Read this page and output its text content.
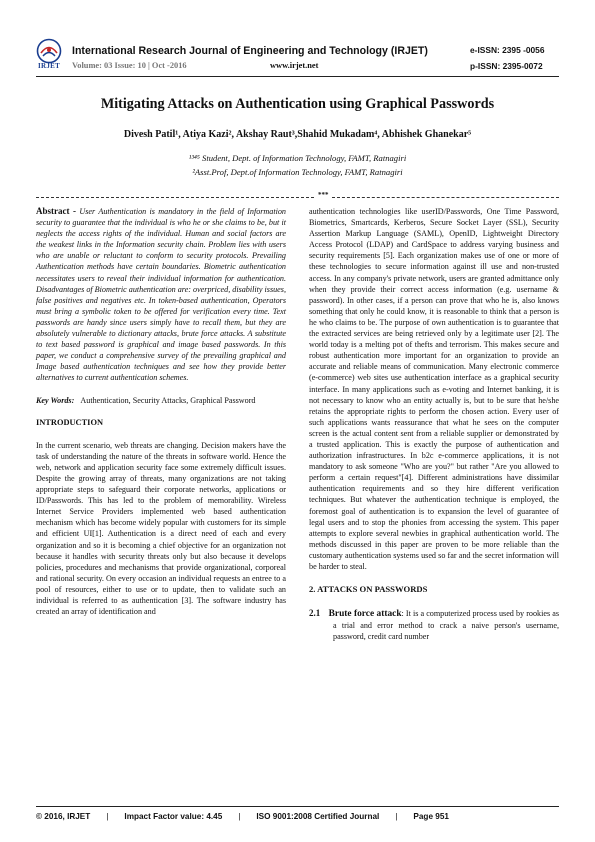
IRJET
International Research Journal of Engineering and Technology (IRJET)
Volume: 03 Issue: 10 | Oct -2016	www.irjet.net
e-ISSN: 2395 -0056
p-ISSN: 2395-0072
Mitigating Attacks on Authentication using Graphical Passwords
Divesh Patil¹, Atiya Kazi², Akshay Raut³,Shahid Mukadam⁴, Abhishek Ghanekar⁵
¹³⁴⁵ Student, Dept. of Information Technology, FAMT, Ratnagiri
²Asst.Prof, Dept.of Information Technology, FAMT, Ratnagiri
***

Abstract - User Authentication is mandatory in the field of Information security to guarantee that the individual is who he or she claims to be, but it neglects the access rights of the individual. Human and social factors are the weakest links in the Information security chain. Problem lies with users who are unable or reluctant to conform to security protocols. Prevailing Authentication methods have certain boundaries. Biometric authentication necessitates users to reveal their individual information for authentication. Disadvantages of Biometric authentication are: overpriced, disability issues, false positives and negatives etc. In token-based authentication, Operators must bring a symbolic token to be offered for verification every time. Text passwords are handy since users simply have to recall them, but they are absolutely vulnerable to dictionary attacks, brute force attacks. A substitute to text based password is graphical and image based passwords. In this paper, we conduct a comprehensive survey of the prevailing graphical and Image based authentication techniques and see how they provide better alternatives to current authentication schemes.

Key Words: Authentication, Security Attacks, Graphical Password

INTRODUCTION

In the current scenario, web threats are changing. Decision makers have the task of understanding the nature of the threats in software world. Hence the web, network and application security face some extremely difficult issues. Despite the growing array of threats, many organizations are not taking appropriate steps to safeguard their corporate networks, applications or ID/Passwords. This has led to the problem of memorability. Wireless Internet Service Providers implemented web based authentication mechanism which has become widely popular with customers for its simple and efficient UI[1]. Authentication is a direct need of each and every organization and so it is becoming a chief objective for an organization not because it handles with security threats only but also because it develops policies, procedures and mechanisms that provide organizational, corporeal and rational security. On every occasion an individual requests an entree to a pool of resources, either to use or to update, then to validate such an individual is referred to as authentication [3]. The software industry has created an array of identification and

authentication technologies like userID/Passwords, One Time Password, Biometrics, Smartcards, Kerberos, Secure Socket Layer (SSL), Security Assertion Markup Language (SAML), OpenID, Lightweight Directory Access Protocol (LDAP) and CardSpace to address varying business and security requirements [5]. Each organization makes use of one or more of these technologies to secure information against ill use and non-trusted access. In any company's private network, users are granted admittance only when they provide their correct access information (e.g. username & password). In other cases, if a person can prove that who he is, also knows something that only he could know, it is reasonable to think that a person is he who claims to be. The purpose of own authentication is to guarantee that the extracted services are being retrieved only by a legitimate user [2]. The world today is a melting pot of thefts and terrorism. This makes secure and robust authentication more important for an organization to provide an accurate and reliable means of communication. Many electronic commerce (e-commerce) web sites use authentication interface as a graphical security interface. In many applications such as e-voting and Internet banking, it is not necessary to know who an entity actually is, but to be sure that he/she retains the appropriate rights to perform the chosen action. Every user of such applications wants reassurance that what he sees on the computer screen is the actual content sent from a reliable supplier or demonstrated by a trusted application. This is exactly the purpose of authentication and authorization infrastructures. In b2c e-commerce applications, it is not mandatory to ask someone "Who are you?" but rather "Are you allowed to perform a certain request"[4]. Different administrations have dissimilar authentication requirements and so they hire different verification techniques. But whatever the authentication technique is employed, the foremost goal of authentication is to expansion the level of guarantee of legal users and to stop the phonies from accessing the system. This paper attempts to explore several newbies in graphical authentication world. The methods discussed in this paper are proven to be more reliable than the customary authentication systems used so far and the secret information will be harder to steal.

2. ATTACKS ON PASSWORDS

2.1 Brute force attack: It is a computerized process used by rookies as a trial and error method to crack a naive person's username, password, credit card number

© 2016, IRJET | Impact Factor value: 4.45 | ISO 9001:2008 Certified Journal | Page 951
